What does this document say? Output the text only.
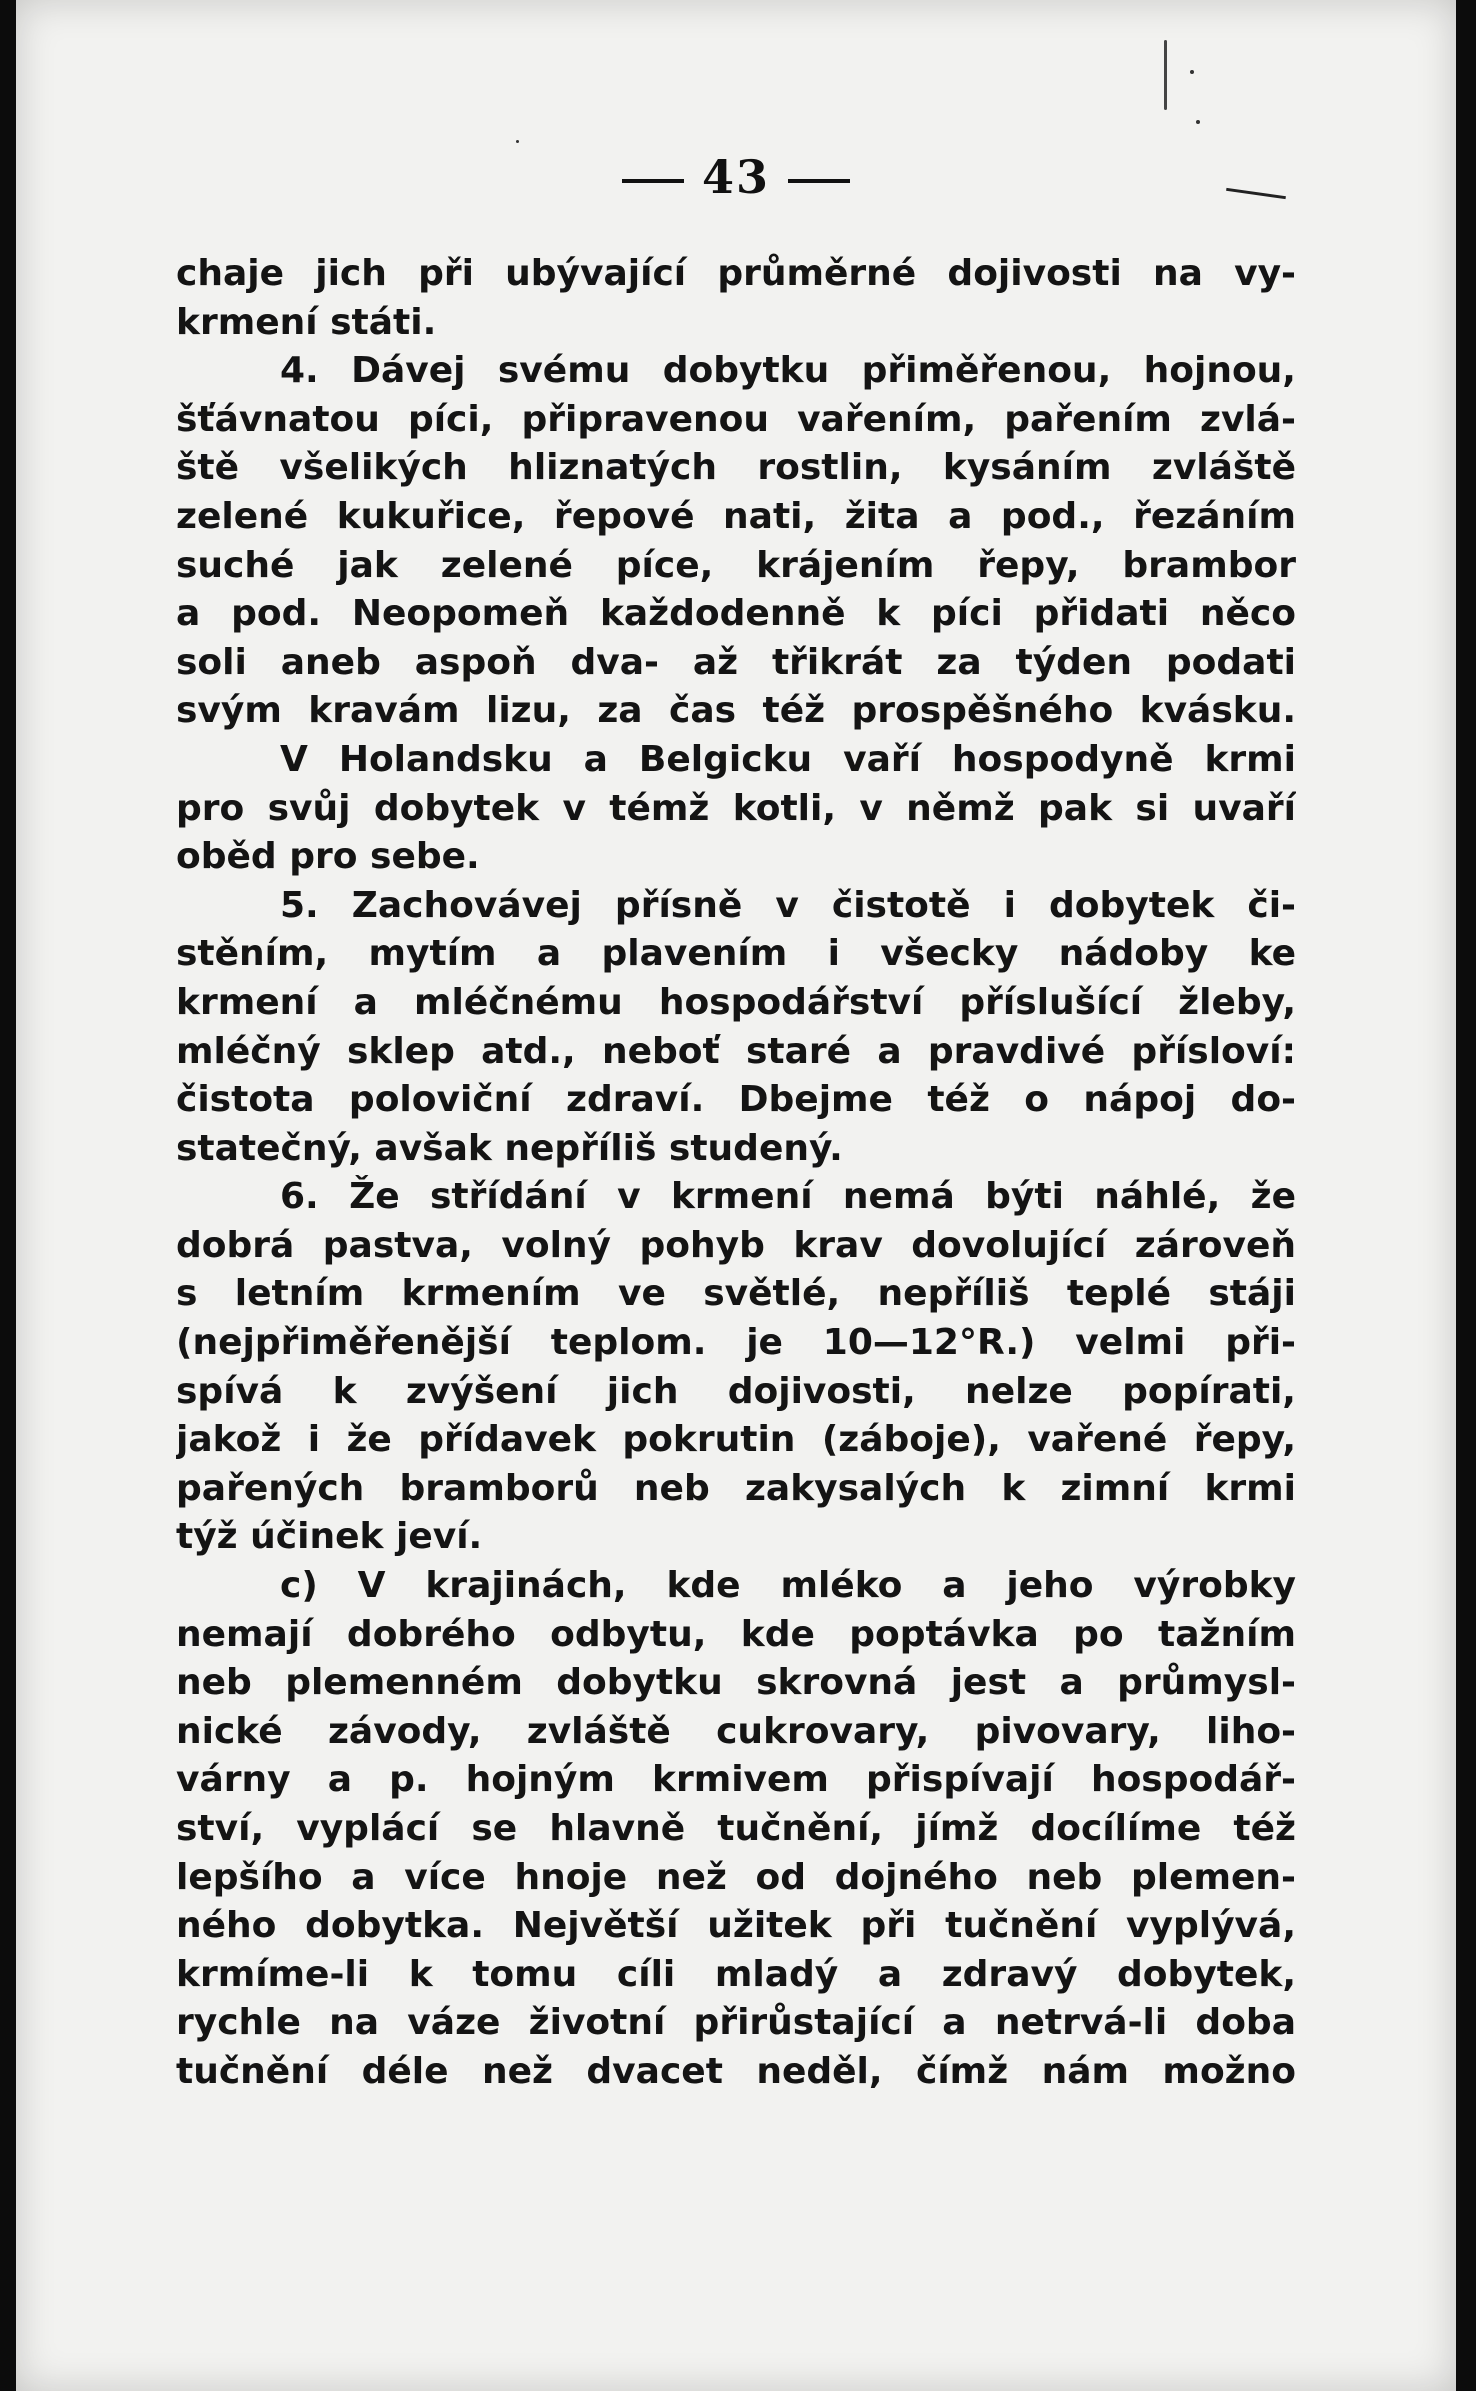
43
chaje jich při ubývající průměrné dojivosti na vy-
krmení státi.
4. Dávej svému dobytku přiměřenou, hojnou,
šťávnatou píci, připravenou vařením, pařením zvlá-
ště všelikých hliznatých rostlin, kysáním zvláště
zelené kukuřice, řepové nati, žita a pod., řezáním
suché jak zelené píce, krájením řepy, brambor
a pod. Neopomeň každodenně k píci přidati něco
soli aneb aspoň dva- až třikrát za týden podati
svým kravám lizu, za čas též prospěšného kvásku.
V Holandsku a Belgicku vaří hospodyně krmi
pro svůj dobytek v témž kotli, v němž pak si uvaří
oběd pro sebe.
5. Zachovávej přísně v čistotě i dobytek či-
stěním, mytím a plavením i všecky nádoby ke
krmení a mléčnému hospodářství příslušící žleby,
mléčný sklep atd., neboť staré a pravdivé přísloví:
čistota poloviční zdraví. Dbejme též o nápoj do-
statečný, avšak nepříliš studený.
6. Že střídání v krmení nemá býti náhlé, že
dobrá pastva, volný pohyb krav dovolující zároveň
s letním krmením ve světlé, nepříliš teplé stáji
(nejpřiměřenější teplom. je 10—12°R.) velmi při-
spívá k zvýšení jich dojivosti, nelze popírati,
jakož i že přídavek pokrutin (záboje), vařené řepy,
pařených bramborů neb zakysalých k zimní krmi
týž účinek jeví.
c) V krajinách, kde mléko a jeho výrobky
nemají dobrého odbytu, kde poptávka po tažním
neb plemenném dobytku skrovná jest a průmysl-
nické závody, zvláště cukrovary, pivovary, liho-
várny a p. hojným krmivem přispívají hospodář-
ství, vyplácí se hlavně tučnění, jímž docílíme též
lepšího a více hnoje než od dojného neb plemen-
ného dobytka. Největší užitek při tučnění vyplývá,
krmíme-li k tomu cíli mladý a zdravý dobytek,
rychle na váze životní přirůstající a netrvá-li doba
tučnění déle než dvacet neděl, čímž nám možno
